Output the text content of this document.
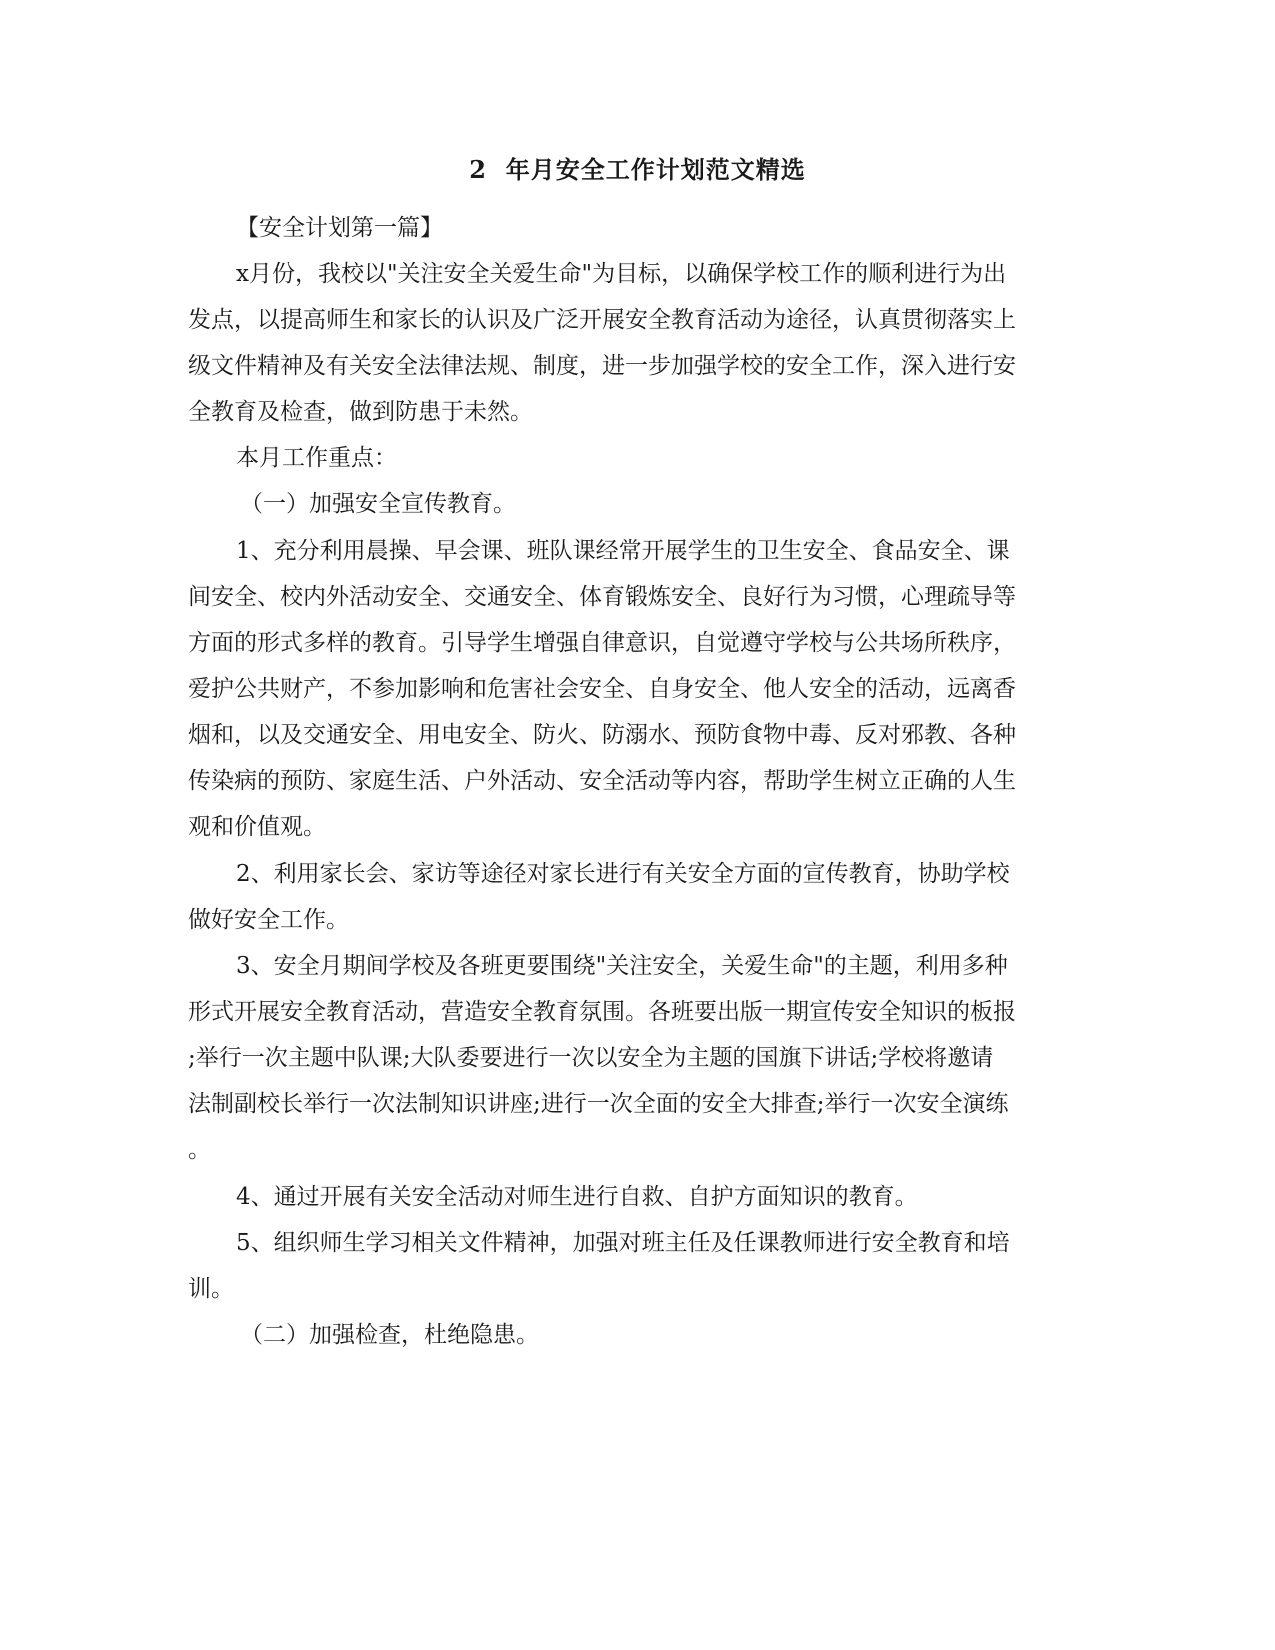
2  年月安全工作计划范文精选
【安全计划第一篇】
x月份，我校以"关注安全关爱生命"为目标，以确保学校工作的顺利进行为出
发点，以提高师生和家长的认识及广泛开展安全教育活动为途径，认真贯彻落实上
级文件精神及有关安全法律法规、制度，进一步加强学校的安全工作，深入进行安
全教育及检查，做到防患于未然。
本月工作重点：
（一）加强安全宣传教育。
1、充分利用晨操、早会课、班队课经常开展学生的卫生安全、食品安全、课
间安全、校内外活动安全、交通安全、体育锻炼安全、良好行为习惯，心理疏导等
方面的形式多样的教育。引导学生增强自律意识，自觉遵守学校与公共场所秩序，
爱护公共财产，不参加影响和危害社会安全、自身安全、他人安全的活动，远离香
烟和，以及交通安全、用电安全、防火、防溺水、预防食物中毒、反对邪教、各种
传染病的预防、家庭生活、户外活动、安全活动等内容，帮助学生树立正确的人生
观和价值观。
2、利用家长会、家访等途径对家长进行有关安全方面的宣传教育，协助学校
做好安全工作。
3、安全月期间学校及各班更要围绕"关注安全，关爱生命"的主题，利用多种
形式开展安全教育活动，营造安全教育氛围。各班要出版一期宣传安全知识的板报
;举行一次主题中队课;大队委要进行一次以安全为主题的国旗下讲话;学校将邀请
法制副校长举行一次法制知识讲座;进行一次全面的安全大排查;举行一次安全演练
。
4、通过开展有关安全活动对师生进行自救、自护方面知识的教育。
5、组织师生学习相关文件精神，加强对班主任及任课教师进行安全教育和培
训。
（二）加强检查，杜绝隐患。
